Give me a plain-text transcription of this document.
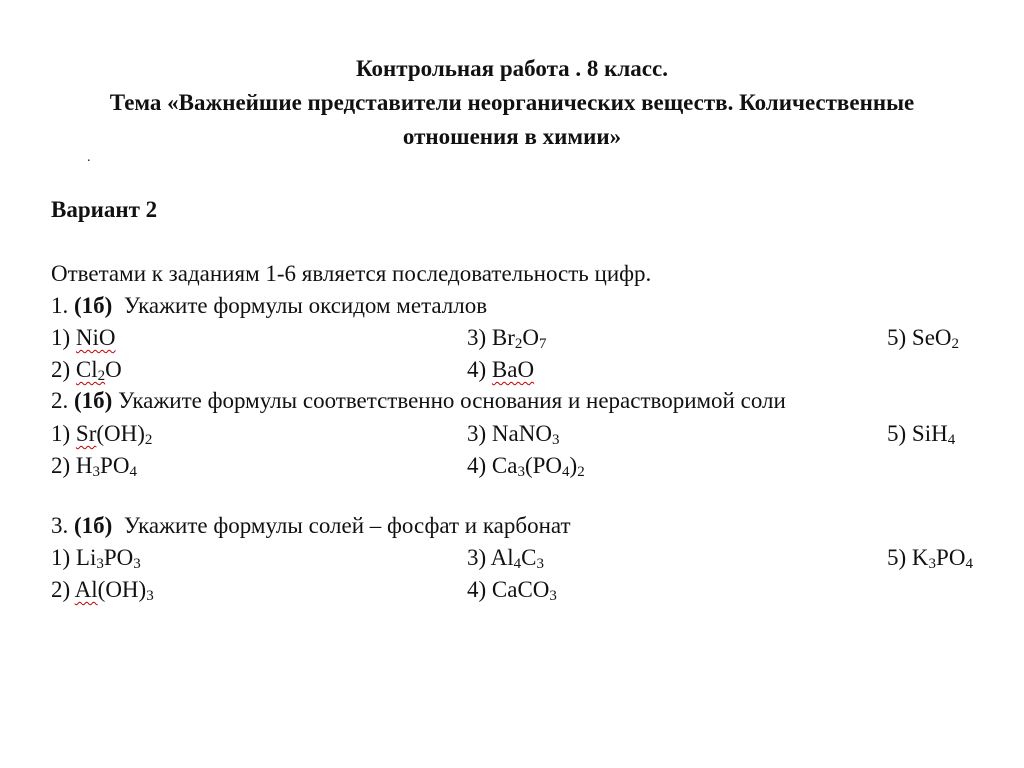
Контрольная работа . 8 класс.
Тема «Важнейшие представители неорганических веществ. Количественные
отношения в химии»
.
Вариант 2
Ответами к заданиям 1-6 является последовательность цифр.
1. (1б) Укажите формулы оксидом металлов
1) NiO	3) $Br_2O_7$	5) SeO$_2$
2) $Cl_2O$	4) BaO
2. (1б) Укажите формулы соответственно основания и нерастворимой соли
1) $Sr(OH)_2$	3) NaNO$_3$	5) SiH$_4$
2) $H_3PO_4$	4) $Ca_3(PO_4)_2$
3. (1б) Укажите формулы солей – фосфат и карбонат
1) $Li_3PO_3$	3) $Al_4C_3$	5) $K_3PO_4$
2) $Al(OH)_3$	4) CaCO$_3$
